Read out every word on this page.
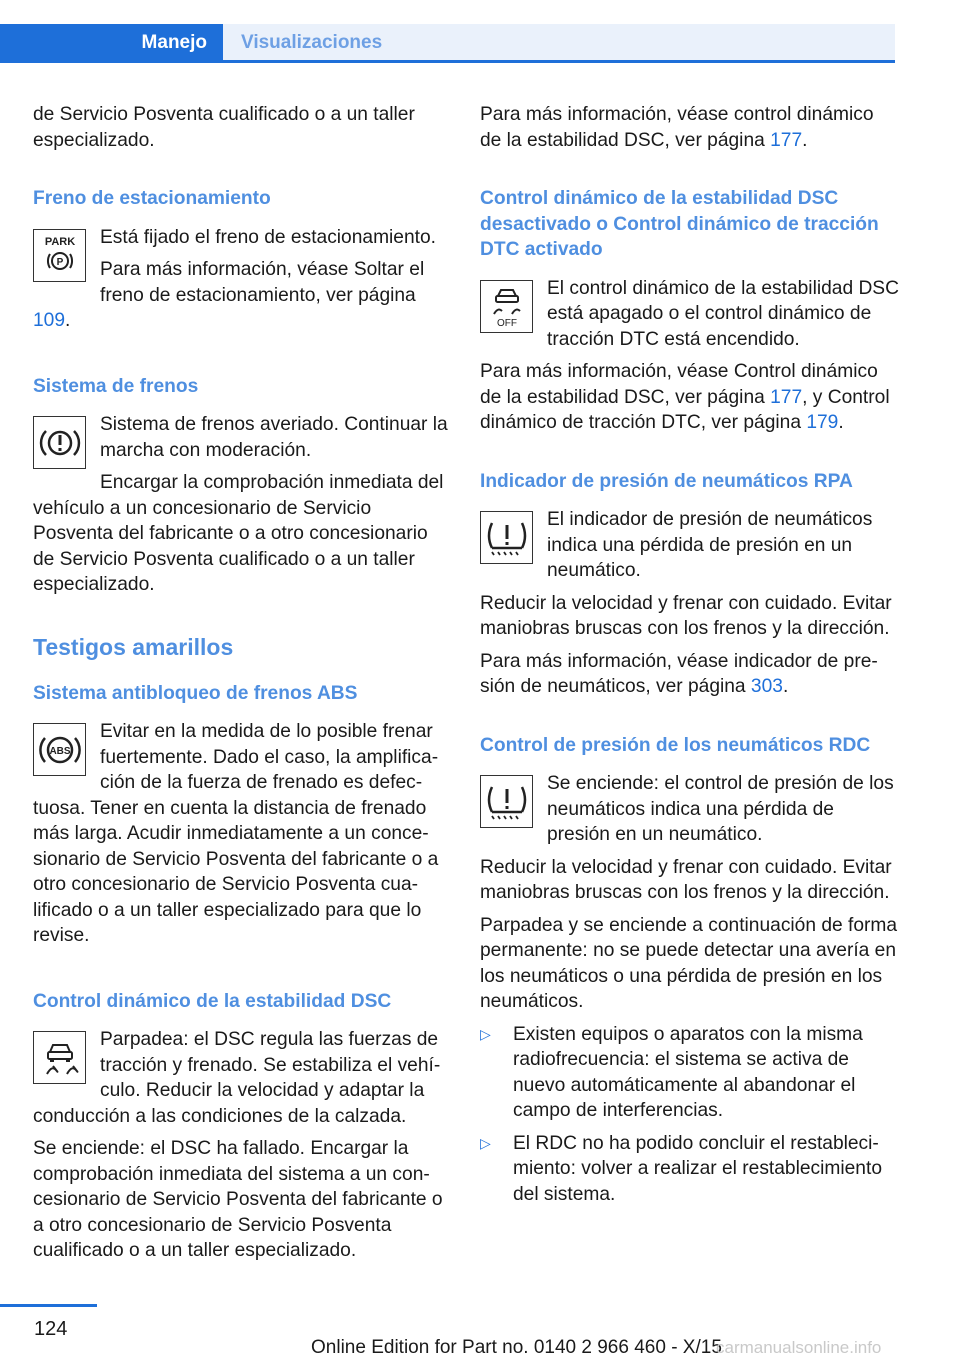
Manejo	Visualizaciones

de Servicio Posventa cualificado o a un taller especializado.

Freno de estacionamiento
PARK
P

Está fijado el freno de estacionamiento.

Para más información, véase Soltar el freno de estacionamiento, ver página 109.

Sistema de frenos

Sistema de frenos averiado. Continuar la marcha con moderación.

Encargar la comprobación inmediata del vehículo a un concesionario de Servicio Posventa del fabricante o a otro concesionario de Servicio Posventa cualificado o a un taller especializado.

Testigos amarillos
Sistema antibloqueo de frenos ABS
ABS

Evitar en la medida de lo posible frenar fuertemente. Dado el caso, la amplificación de la fuerza de frenado es defectuosa. Tener en cuenta la distancia de frenado más larga. Acudir inmediatamente a un concesionario de Servicio Posventa del fabricante o a otro concesionario de Servicio Posventa cualificado o a un taller especializado para que lo revise.

Control dinámico de la estabilidad DSC

Parpadea: el DSC regula las fuerzas de tracción y frenado. Se estabiliza el vehículo. Reducir la velocidad y adaptar la conducción a las condiciones de la calzada.

Se enciende: el DSC ha fallado. Encargar la comprobación inmediata del sistema a un concesionario de Servicio Posventa del fabricante o a otro concesionario de Servicio Posventa cualificado o a un taller especializado.

Para más información, véase control dinámico de la estabilidad DSC, ver página 177.

Control dinámico de la estabilidad DSC desactivado o Control dinámico de tracción DTC activado
OFF

El control dinámico de la estabilidad DSC está apagado o el control dinámico de tracción DTC está encendido.

Para más información, véase Control dinámico de la estabilidad DSC, ver página 177, y Control dinámico de tracción DTC, ver página 179.

Indicador de presión de neumáticos RPA

El indicador de presión de neumáticos indica una pérdida de presión en un neumático.

Reducir la velocidad y frenar con cuidado. Evitar maniobras bruscas con los frenos y la dirección.

Para más información, véase indicador de presión de neumáticos, ver página 303.

Control de presión de los neumáticos RDC

Se enciende: el control de presión de los neumáticos indica una pérdida de presión en un neumático.

Reducir la velocidad y frenar con cuidado. Evitar maniobras bruscas con los frenos y la dirección.

Parpadea y se enciende a continuación de forma permanente: no se puede detectar una avería en los neumáticos o una pérdida de presión en los neumáticos.

▷ Existen equipos o aparatos con la misma radiofrecuencia: el sistema se activa de nuevo automáticamente al abandonar el campo de interferencias.
▷ El RDC no ha podido concluir el restablecimiento: volver a realizar el restablecimiento del sistema.
124
Online Edition for Part no. 0140 2 966 460 - X/15
carmanualsonline.info
